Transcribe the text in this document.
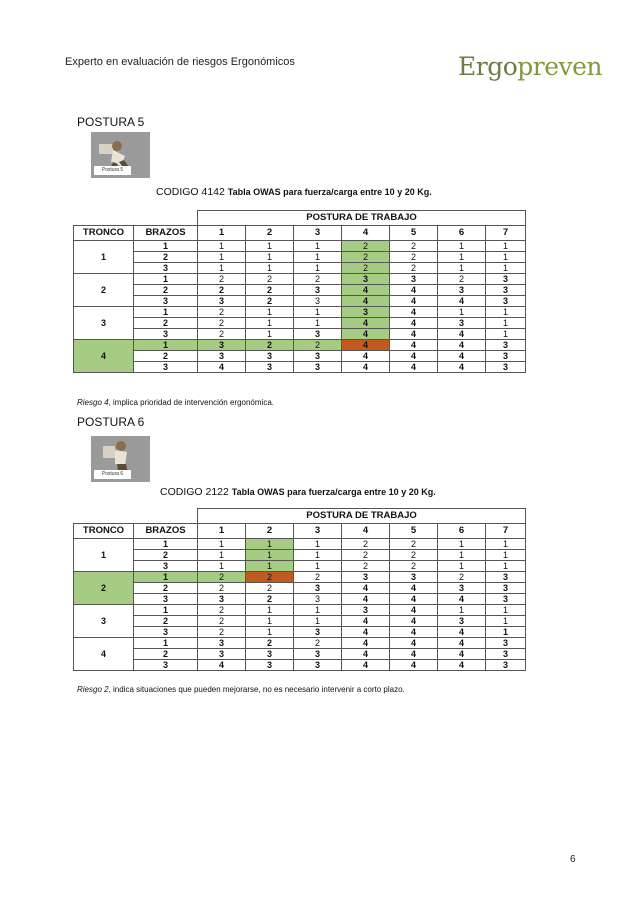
Experto en evaluación de riesgos Ergonómicos	Ergopreven
POSTURA 5
Postura 5
CODIGO 4142 Tabla OWAS para fuerza/carga entre 10 y 20 Kg.
		POSTURA DE TRABAJO						
TRONCO	BRAZOS	1	2	3	4	5	6	7
	1	1	1	1	2	2	1	1
1	2	1	1	1	2	2	1	1
	3	1	1	1	2	2	1	1
	1	2	2	2	3	3	2	3
2	2	2	2	3	4	4	3	3
	3	3	2	3	4	4	4	3
	1	2	1	1	3	4	1	1
3	2	2	1	1	4	4	3	1
	3	2	1	3	4	4	4	1
	1	3	2	2	4	4	4	3
4	2	3	3	3	4	4	4	3
	3	4	3	3	4	4	4	3
Riesgo 4, implica prioridad de intervención ergonómica.
POSTURA 6
Postura 6
CODIGO 2122 Tabla OWAS para fuerza/carga entre 10 y 20 Kg.
		POSTURA DE TRABAJO						
TRONCO	BRAZOS	1	2	3	4	5	6	7
	1	1	1	1	2	2	1	1
1	2	1	1	1	2	2	1	1
	3	1	1	1	2	2	1	1
	1	2	2	2	3	3	2	3
2	2	2	2	3	4	4	3	3
	3	3	2	3	4	4	4	3
	1	2	1	1	3	4	1	1
3	2	2	1	1	4	4	3	1
	3	2	1	3	4	4	4	1
	1	3	2	2	4	4	4	3
4	2	3	3	3	4	4	4	3
	3	4	3	3	4	4	4	3
Riesgo 2, indica situaciones que pueden mejorarse, no es necesario intervenir a corto plazo.
6
